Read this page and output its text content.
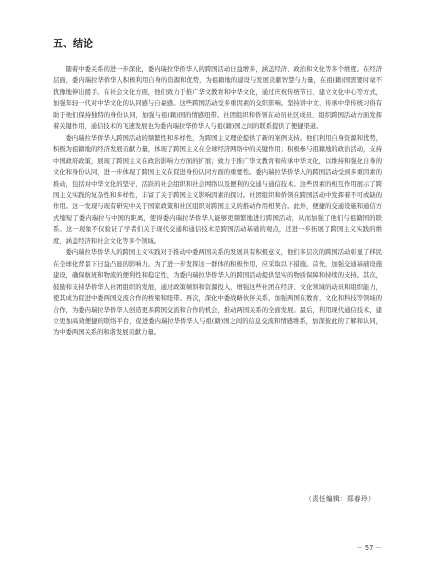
五、结论

随着中委关系的进一步深化，委内瑞拉华侨华人的跨国活动日益增多，涵盖经济、政治和文化等多个维度。在经济层面，委内瑞拉华侨华人积极利用自身的资源和优势，为祖籍地的建设与发展贡献智慧与力量，在祖(籍)国需要时毫不犹豫地伸出援手。在社会文化方面，他们致力于推广华文教育和中华文化，通过庆祝传统节日、建立文化中心等方式，加强年轻一代对中华文化的认同感与自豪感。这些跨国活动受多重因素的交织影响。坚持讲中文、传承中华传统习俗有助于他们保持独特的身份认同，加强与祖(籍)国的情感纽带。社团组织和侨领在动员社区成员、组织跨国活动方面发挥着关键作用，通信技术的飞速发展也为委内瑞拉华侨华人与祖(籍)国之间的联系提供了便捷渠道。

委内瑞拉华侨华人跨国活动的频繁性和多样性，为跨国主义理论提供了新的案例支持。他们利用自身资源和优势，积极为祖籍地的经济发展贡献力量，体现了跨国主义在全球经济网络中的关键作用；积极参与祖籍地的政治活动，支持中国政府政策，展现了跨国主义在政治影响力方面的扩展；致力于推广华文教育和传承中华文化，以维持和强化自身的文化和身份认同，进一步体现了跨国主义在促进身份认同方面的重要性。委内瑞拉华侨华人的跨国活动受到多重因素的推动，包括对中华文化的坚守，活跃的社会组织和社会网络以及便利的交通与通信技术。这些因素的相互作用展示了跨国主义实践的复杂性和多样性，丰富了关于跨国主义影响因素的探讨。社团组织和侨领在跨国活动中发挥着不可或缺的作用。这一发现与现有研究中关于国家政策和社区组织对跨国主义的推动作用相契合。此外，便捷的交通设施和通信方式缩短了委内瑞拉与中国的距离，使得委内瑞拉华侨华人能够更频繁地进行跨国活动，从而加强了他们与祖籍国的联系。这一现象不仅验证了学者们关于现代交通和通信技术是跨国活动基础的观点，还进一步拓展了跨国主义实践的维度，涵盖经济和社会文化等多个领域。

委内瑞拉华侨华人的跨国主义实践对于推动中委两国关系的发展具有积极意义，他们多层次的跨国活动彰显了移民在全球化背景下日益凸显的影响力。为了进一步发挥这一群体的积极作用，应采取以下措施。首先，加强交通基础设施建设，确保航班和物流的便利性和稳定性，为委内瑞拉华侨华人的跨国活动提供坚实的物质保障和持续的支持。其次，鼓励和支持华侨华人社团组织的发展，通过政策倾斜和资源投入，增强这些社团在经济、文化领域的动员和组织能力，使其成为促进中委两国交流合作的桥梁和纽带。再次，深化中委战略伙伴关系，加强两国在教育、文化和科技等领域的合作，为委内瑞拉华侨华人创造更多跨国交流和合作的机会，推动两国关系的全面发展。最后，利用现代通信技术，建立更加高效便捷的联络平台，促进委内瑞拉华侨华人与祖(籍)国之间的信息交流和情感维系，加深彼此的了解和认同，为中委两国关系的和谐发展贡献力量。

（责任编辑：郑春玲）
－ 57 －
